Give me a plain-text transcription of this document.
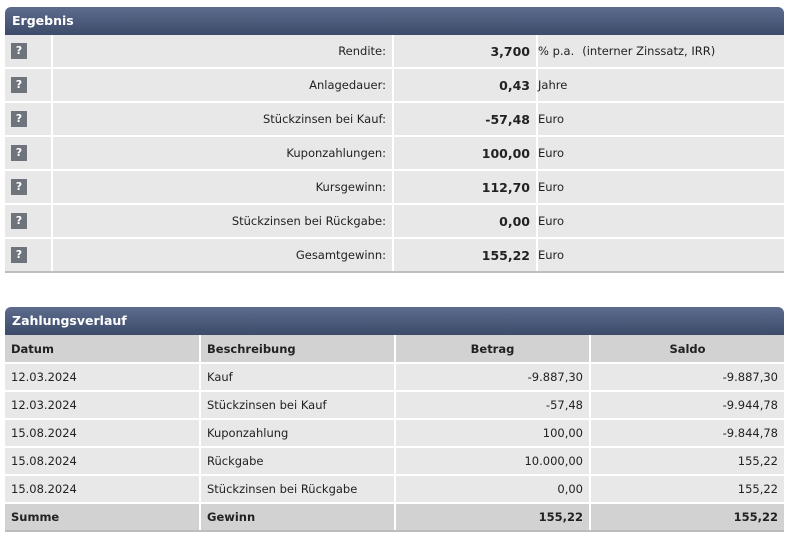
Ergebnis
?	Rendite:	3,700	% p.a. (interner Zinssatz, IRR)
?	Anlagedauer:	0,43	Jahre
?	Stückzinsen bei Kauf:	-57,48	Euro
?	Kuponzahlungen:	100,00	Euro
?	Kursgewinn:	112,70	Euro
?	Stückzinsen bei Rückgabe:	0,00	Euro
?	Gesamtgewinn:	155,22	Euro
Zahlungsverlauf
Datum	Beschreibung	Betrag	Saldo
12.03.2024	Kauf	-9.887,30	-9.887,30
12.03.2024	Stückzinsen bei Kauf	-57,48	-9.944,78
15.08.2024	Kuponzahlung	100,00	-9.844,78
15.08.2024	Rückgabe	10.000,00	155,22
15.08.2024	Stückzinsen bei Rückgabe	0,00	155,22
Summe	Gewinn	155,22	155,22
